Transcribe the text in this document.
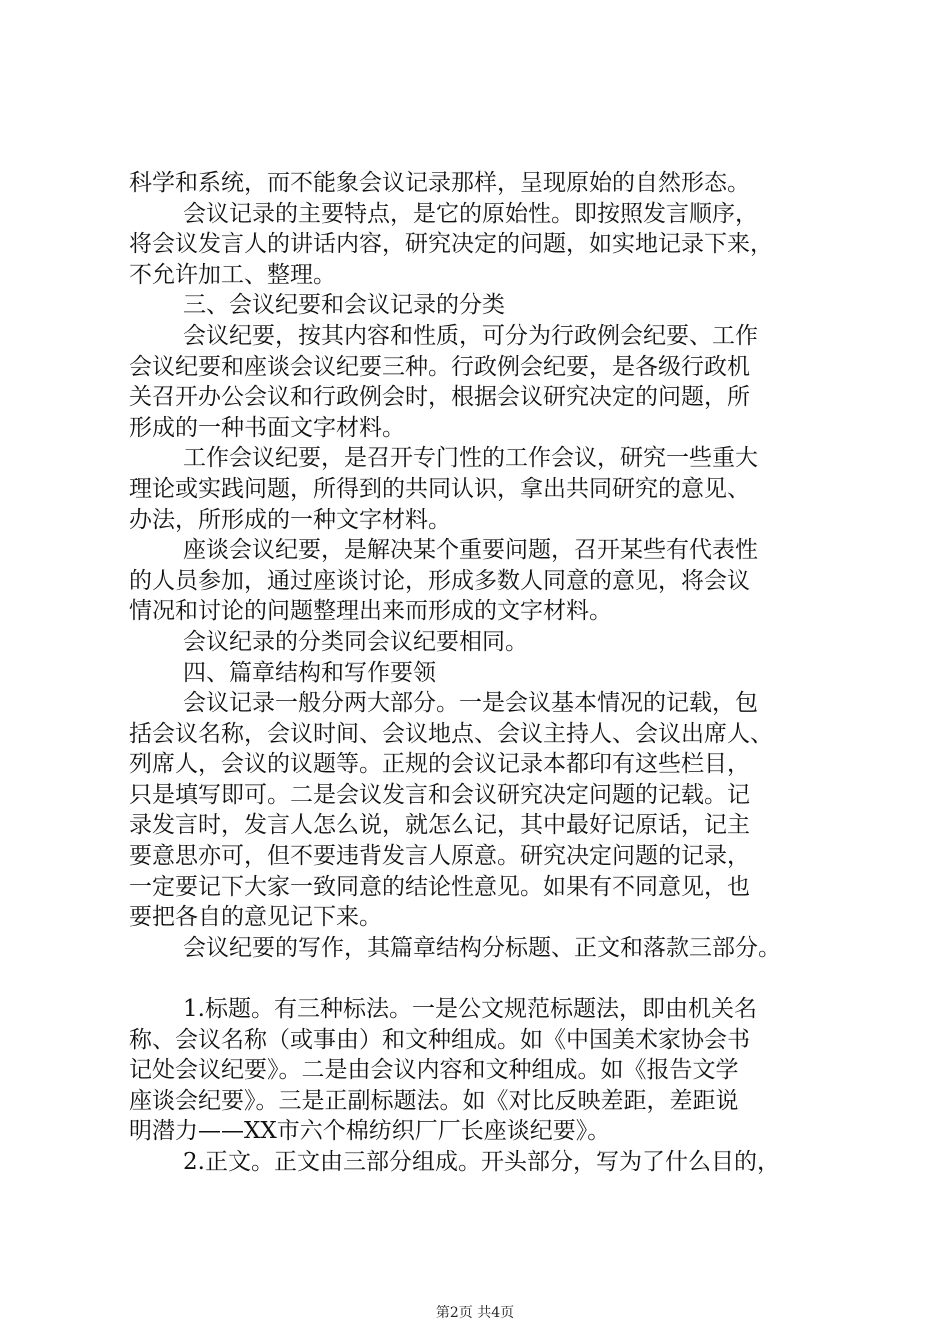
科学和系统，而不能象会议记录那样，呈现原始的自然形态。
会议记录的主要特点，是它的原始性。即按照发言顺序，
将会议发言人的讲话内容，研究决定的问题，如实地记录下来，
不允许加工、整理。
三、会议纪要和会议记录的分类
会议纪要，按其内容和性质，可分为行政例会纪要、工作
会议纪要和座谈会议纪要三种。行政例会纪要，是各级行政机
关召开办公会议和行政例会时，根据会议研究决定的问题，所
形成的一种书面文字材料。
工作会议纪要，是召开专门性的工作会议，研究一些重大
理论或实践问题，所得到的共同认识，拿出共同研究的意见、
办法，所形成的一种文字材料。
座谈会议纪要，是解决某个重要问题，召开某些有代表性
的人员参加，通过座谈讨论，形成多数人同意的意见，将会议
情况和讨论的问题整理出来而形成的文字材料。
会议纪录的分类同会议纪要相同。
四、篇章结构和写作要领
会议记录一般分两大部分。一是会议基本情况的记载，包
括会议名称，会议时间、会议地点、会议主持人、会议出席人、
列席人，会议的议题等。正规的会议记录本都印有这些栏目，
只是填写即可。二是会议发言和会议研究决定问题的记载。记
录发言时，发言人怎么说，就怎么记，其中最好记原话，记主
要意思亦可，但不要违背发言人原意。研究决定问题的记录，
一定要记下大家一致同意的结论性意见。如果有不同意见，也
要把各自的意见记下来。
会议纪要的写作，其篇章结构分标题、正文和落款三部分。
1.标题。有三种标法。一是公文规范标题法，即由机关名
称、会议名称（或事由）和文种组成。如《中国美术家协会书
记处会议纪要》。二是由会议内容和文种组成。如《报告文学
座谈会纪要》。三是正副标题法。如《对比反映差距，差距说
明潜力——XX市六个棉纺织厂厂长座谈纪要》。
2.正文。正文由三部分组成。开头部分，写为了什么目的，
第2页 共4页
